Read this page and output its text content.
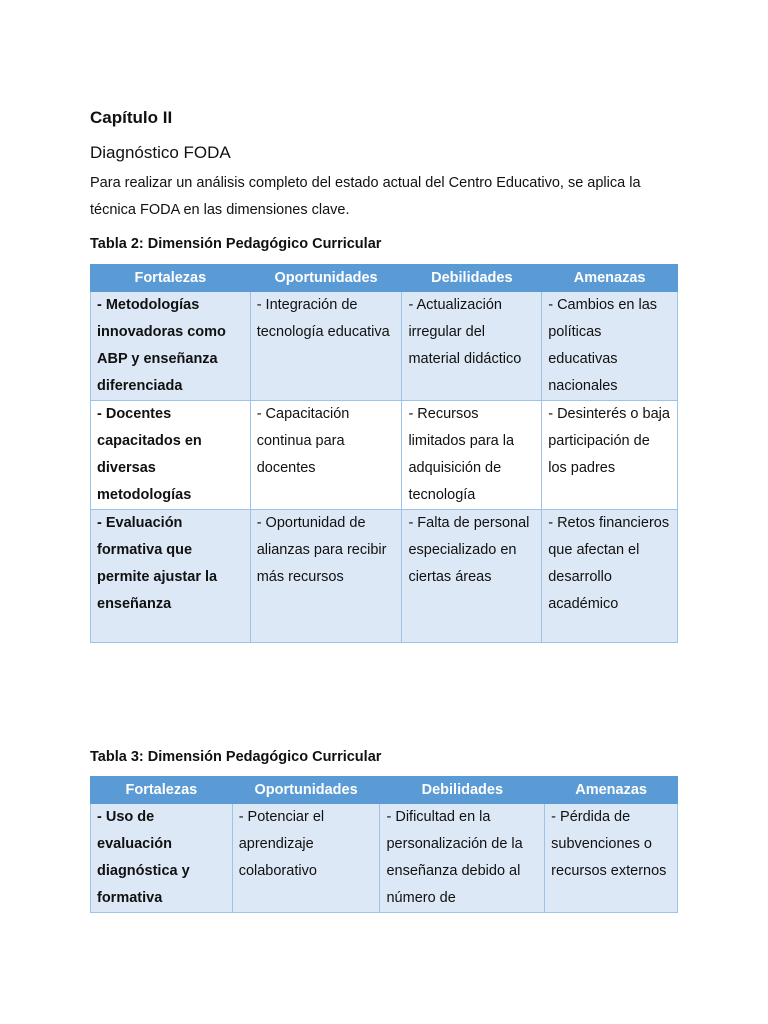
Capítulo II
Diagnóstico FODA

Para realizar un análisis completo del estado actual del Centro Educativo, se aplica la técnica FODA en las dimensiones clave.

Tabla 2: Dimensión Pedagógico Curricular

Fortalezas	Oportunidades	Debilidades	Amenazas
- Metodologías innovadoras como ABP y enseñanza diferenciada	- Integración de tecnología educativa	- Actualización irregular del material didáctico	- Cambios en las políticas educativas nacionales
- Docentes capacitados en diversas metodologías	- Capacitación continua para docentes	- Recursos limitados para la adquisición de tecnología	- Desinterés o baja participación de los padres
- Evaluación formativa que permite ajustar la enseñanza	- Oportunidad de alianzas para recibir más recursos	- Falta de personal especializado en ciertas áreas	- Retos financieros que afectan el desarrollo académico

Tabla 3: Dimensión Pedagógico Curricular

Fortalezas	Oportunidades	Debilidades	Amenazas
- Uso de evaluación diagnóstica y formativa	- Potenciar el aprendizaje colaborativo	- Dificultad en la personalización de la enseñanza debido al número de	- Pérdida de subvenciones o recursos externos
